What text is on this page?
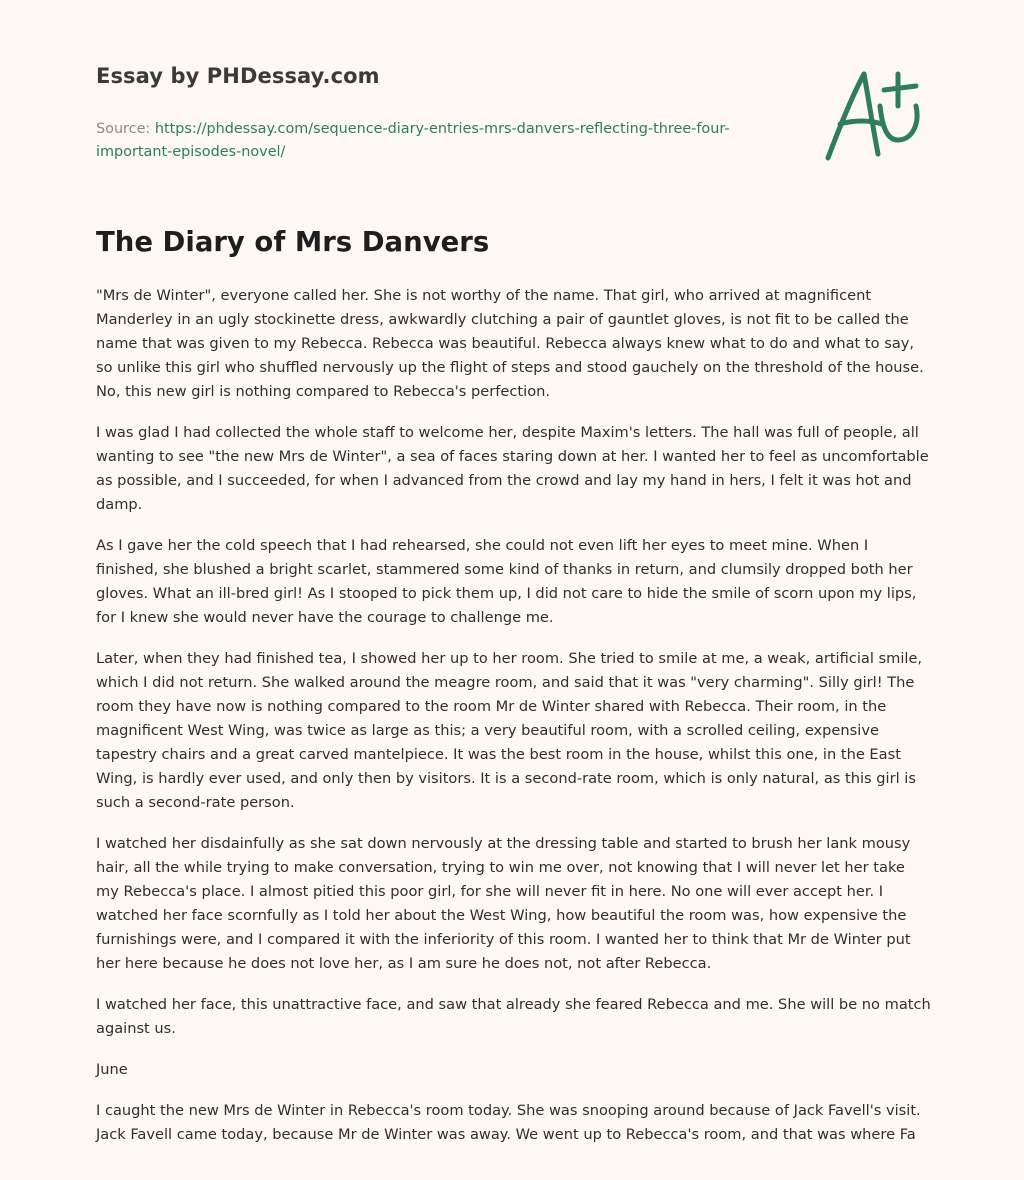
Essay by PHDessay.com
Source: https://phdessay.com/sequence-diary-entries-mrs-danvers-reflecting-three-four-important-episodes-novel/
The Diary of Mrs Danvers

"Mrs de Winter", everyone called her. She is not worthy of the name. That girl, who arrived at magnificent Manderley in an ugly stockinette dress, awkwardly clutching a pair of gauntlet gloves, is not fit to be called the name that was given to my Rebecca. Rebecca was beautiful. Rebecca always knew what to do and what to say, so unlike this girl who shuffled nervously up the flight of steps and stood gauchely on the threshold of the house. No, this new girl is nothing compared to Rebecca's perfection.

I was glad I had collected the whole staff to welcome her, despite Maxim's letters. The hall was full of people, all wanting to see "the new Mrs de Winter", a sea of faces staring down at her. I wanted her to feel as uncomfortable as possible, and I succeeded, for when I advanced from the crowd and lay my hand in hers, I felt it was hot and damp.

As I gave her the cold speech that I had rehearsed, she could not even lift her eyes to meet mine. When I finished, she blushed a bright scarlet, stammered some kind of thanks in return, and clumsily dropped both her gloves. What an ill-bred girl! As I stooped to pick them up, I did not care to hide the smile of scorn upon my lips, for I knew she would never have the courage to challenge me.

Later, when they had finished tea, I showed her up to her room. She tried to smile at me, a weak, artificial smile, which I did not return. She walked around the meagre room, and said that it was "very charming". Silly girl! The room they have now is nothing compared to the room Mr de Winter shared with Rebecca. Their room, in the magnificent West Wing, was twice as large as this; a very beautiful room, with a scrolled ceiling, expensive tapestry chairs and a great carved mantelpiece. It was the best room in the house, whilst this one, in the East Wing, is hardly ever used, and only then by visitors. It is a second-rate room, which is only natural, as this girl is such a second-rate person.

I watched her disdainfully as she sat down nervously at the dressing table and started to brush her lank mousy hair, all the while trying to make conversation, trying to win me over, not knowing that I will never let her take my Rebecca's place. I almost pitied this poor girl, for she will never fit in here. No one will ever accept her. I watched her face scornfully as I told her about the West Wing, how beautiful the room was, how expensive the furnishings were, and I compared it with the inferiority of this room. I wanted her to think that Mr de Winter put her here because he does not love her, as I am sure he does not, not after Rebecca.

I watched her face, this unattractive face, and saw that already she feared Rebecca and me. She will be no match against us.

June

I caught the new Mrs de Winter in Rebecca's room today. She was snooping around because of Jack Favell's visit. Jack Favell came today, because Mr de Winter was away. We went up to Rebecca's room, and that was where Fa
